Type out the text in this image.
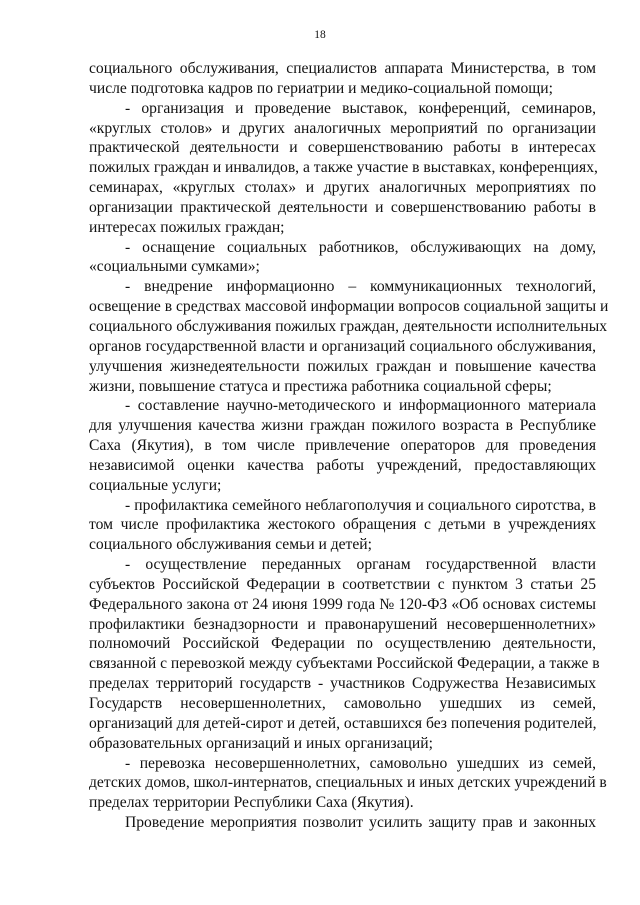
18
социального обслуживания, специалистов аппарата Министерства, в том
числе подготовка кадров по гериатрии и медико-социальной помощи;
- организация и проведение выставок, конференций, семинаров,
«круглых столов» и других аналогичных мероприятий по организации
практической деятельности и совершенствованию работы в интересах
пожилых граждан и инвалидов, а также участие в выставках, конференциях,
семинарах, «круглых столах» и других аналогичных мероприятиях по
организации практической деятельности и совершенствованию работы в
интересах пожилых граждан;
- оснащение социальных работников, обслуживающих на дому,
«социальными сумками»;
- внедрение информационно – коммуникационных технологий,
освещение в средствах массовой информации вопросов социальной защиты и
социального обслуживания пожилых граждан, деятельности исполнительных
органов государственной власти и организаций социального обслуживания,
улучшения жизнедеятельности пожилых граждан и повышение качества
жизни, повышение статуса и престижа работника социальной сферы;
- составление научно-методического и информационного материала
для улучшения качества жизни граждан пожилого возраста в Республике
Саха (Якутия), в том числе привлечение операторов для проведения
независимой оценки качества работы учреждений, предоставляющих
социальные услуги;
- профилактика семейного неблагополучия и социального сиротства, в
том числе профилактика жестокого обращения с детьми в учреждениях
социального обслуживания семьи и детей;
- осуществление переданных органам государственной власти
субъектов Российской Федерации в соответствии с пунктом 3 статьи 25
Федерального закона от 24 июня 1999 года № 120-ФЗ «Об основах системы
профилактики безнадзорности и правонарушений несовершеннолетних»
полномочий Российской Федерации по осуществлению деятельности,
связанной с перевозкой между субъектами Российской Федерации, а также в
пределах территорий государств - участников Содружества Независимых
Государств несовершеннолетних, самовольно ушедших из семей,
организаций для детей-сирот и детей, оставшихся без попечения родителей,
образовательных организаций и иных организаций;
- перевозка несовершеннолетних, самовольно ушедших из семей,
детских домов, школ-интернатов, специальных и иных детских учреждений в
пределах территории Республики Саха (Якутия).
Проведение мероприятия позволит усилить защиту прав и законных
